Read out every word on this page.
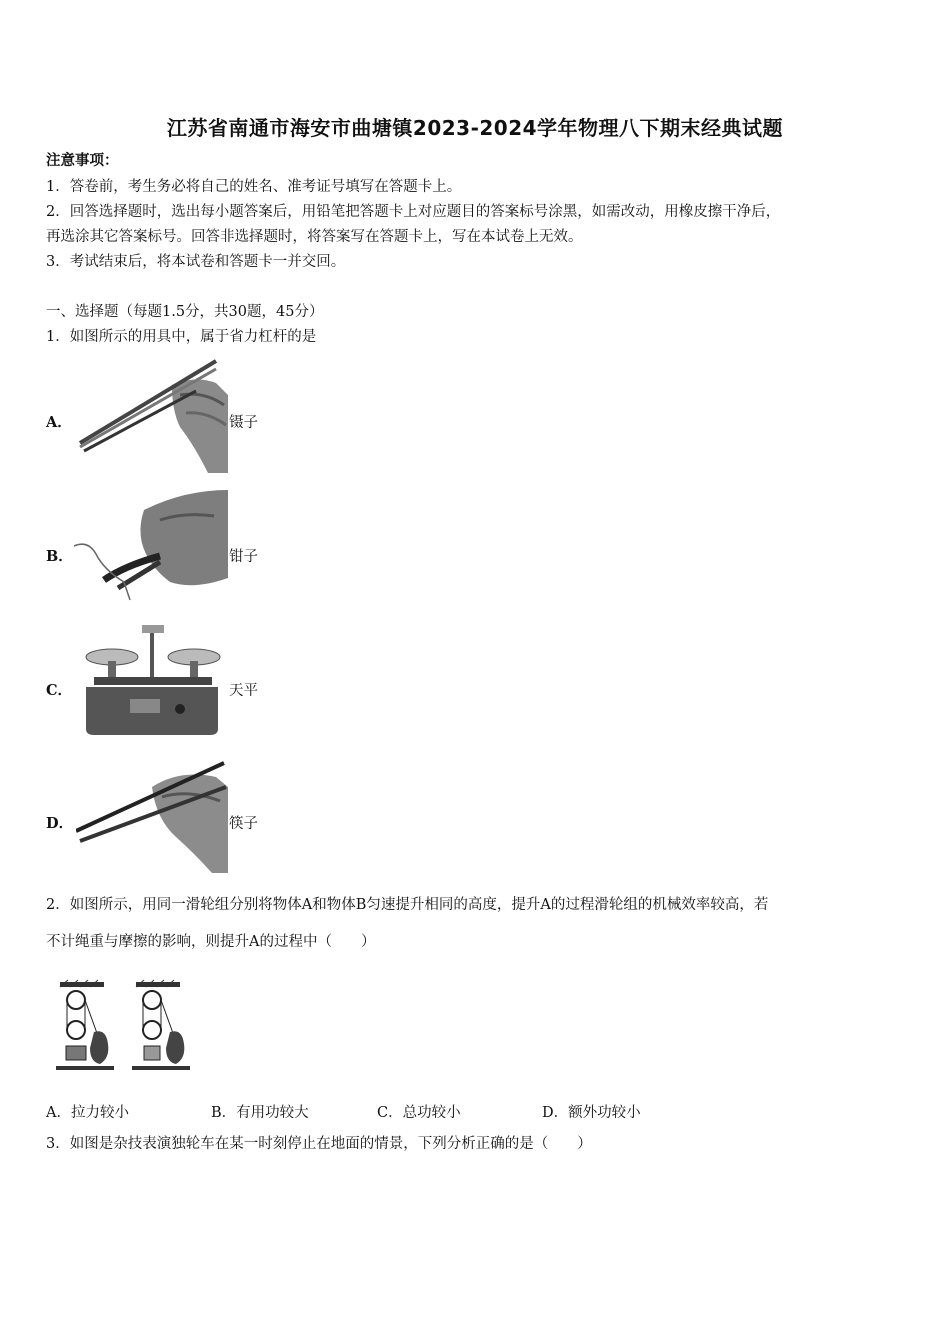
江苏省南通市海安市曲塘镇2023-2024学年物理八下期末经典试题
注意事项：
1．答卷前，考生务必将自己的姓名、准考证号填写在答题卡上。
2．回答选择题时，选出每小题答案后，用铅笔把答题卡上对应题目的答案标号涂黑，如需改动，用橡皮擦干净后，
再选涂其它答案标号。回答非选择题时，将答案写在答题卡上，写在本试卷上无效。
3．考试结束后，将本试卷和答题卡一并交回。
一、选择题（每题1.5分，共30题，45分）
1．如图所示的用具中，属于省力杠杆的是
A．	镊子
B．	钳子
C．	天平
D．	筷子
2．如图所示，用同一滑轮组分别将物体A和物体B匀速提升相同的高度，提升A的过程滑轮组的机械效率较高，若
不计绳重与摩擦的影响，则提升A的过程中（　　）
A．拉力较小	B．有用功较大	C．总功较小	D．额外功较小
3．如图是杂技表演独轮车在某一时刻停止在地面的情景，下列分析正确的是（　　）
